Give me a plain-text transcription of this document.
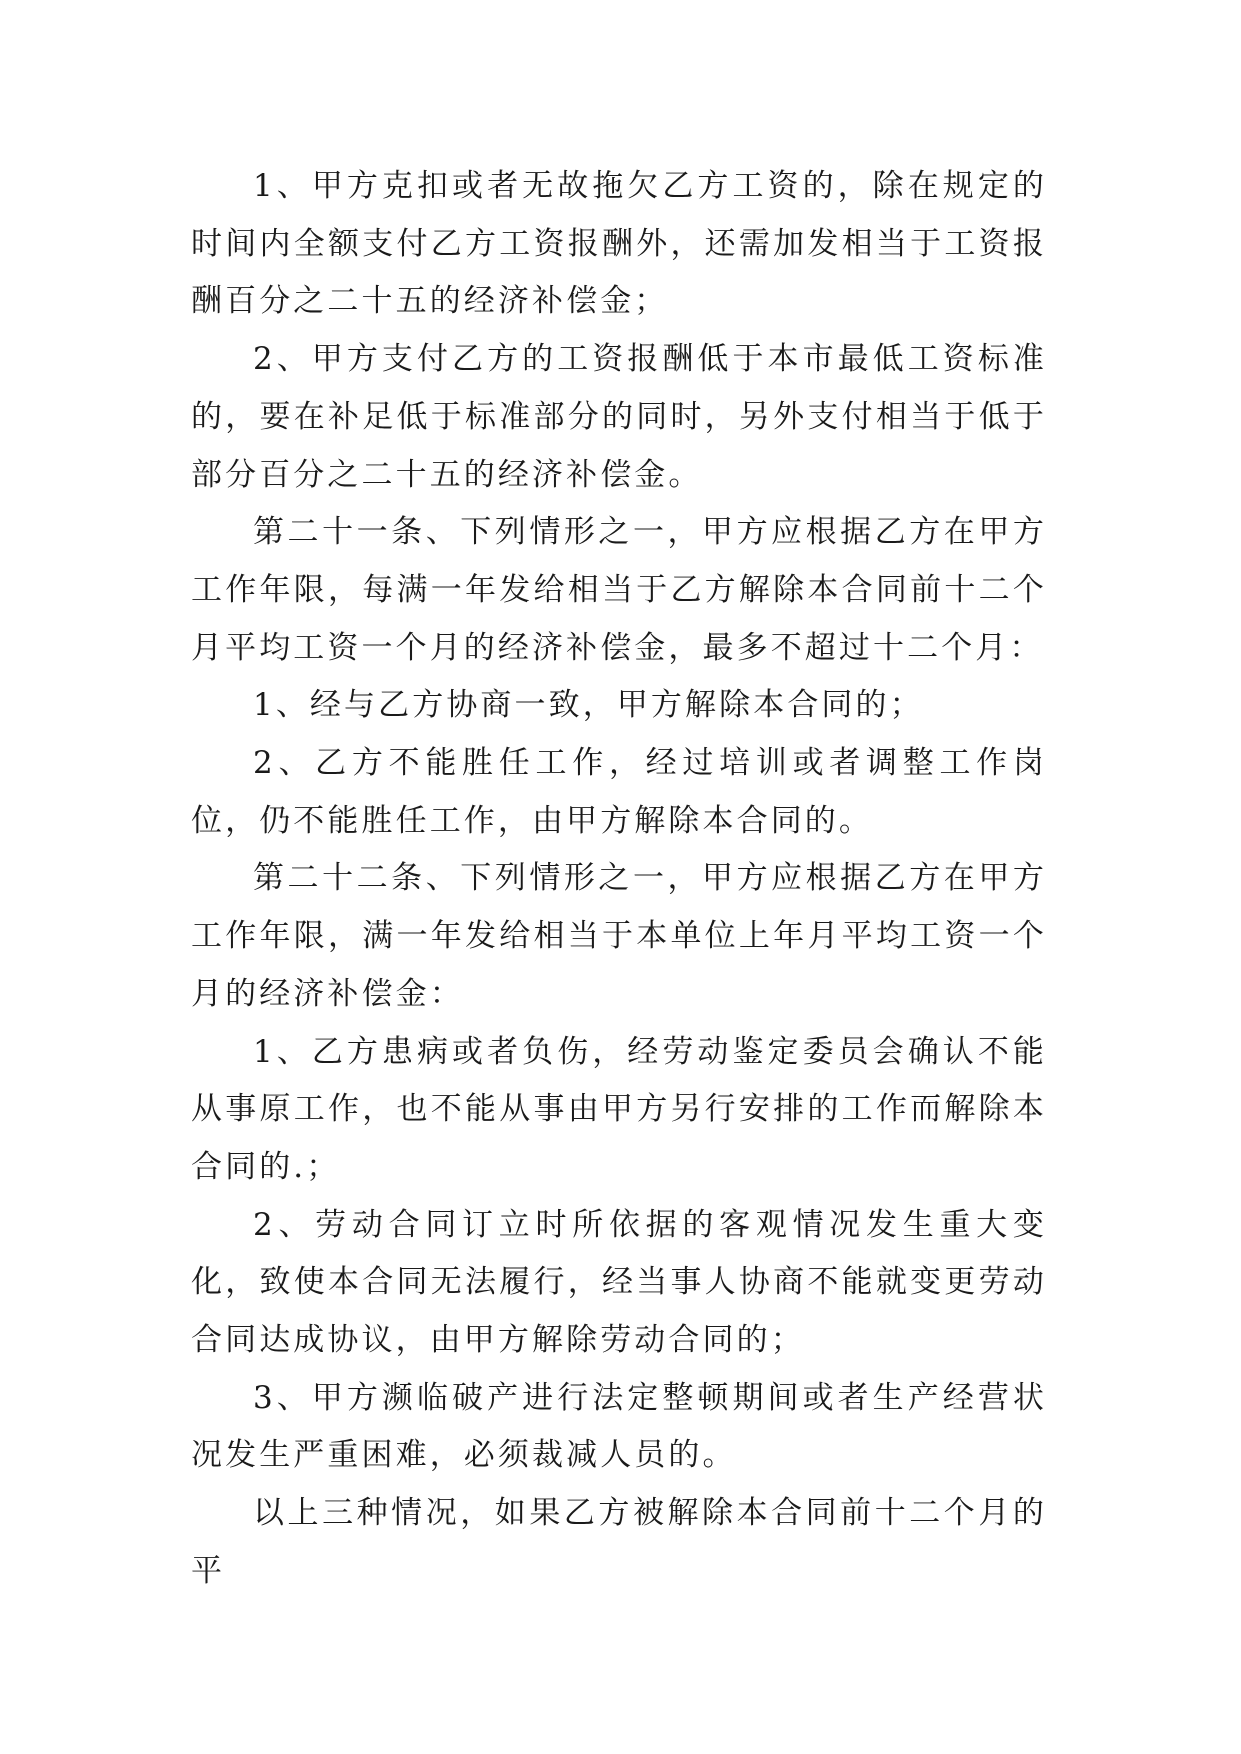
1、甲方克扣或者无故拖欠乙方工资的，除在规定的时间内全额支付乙方工资报酬外，还需加发相当于工资报酬百分之二十五的经济补偿金；

2、甲方支付乙方的工资报酬低于本市最低工资标准的，要在补足低于标准部分的同时，另外支付相当于低于部分百分之二十五的经济补偿金。

第二十一条、下列情形之一，甲方应根据乙方在甲方工作年限，每满一年发给相当于乙方解除本合同前十二个月平均工资一个月的经济补偿金，最多不超过十二个月：

1、经与乙方协商一致，甲方解除本合同的；

2、乙方不能胜任工作，经过培训或者调整工作岗位，仍不能胜任工作，由甲方解除本合同的。

第二十二条、下列情形之一，甲方应根据乙方在甲方工作年限，满一年发给相当于本单位上年月平均工资一个月的经济补偿金：

1、乙方患病或者负伤，经劳动鉴定委员会确认不能从事原工作，也不能从事由甲方另行安排的工作而解除本合同的.；

2、劳动合同订立时所依据的客观情况发生重大变化，致使本合同无法履行，经当事人协商不能就变更劳动合同达成协议，由甲方解除劳动合同的；

3、甲方濒临破产进行法定整顿期间或者生产经营状况发生严重困难，必须裁减人员的。

以上三种情况，如果乙方被解除本合同前十二个月的平
